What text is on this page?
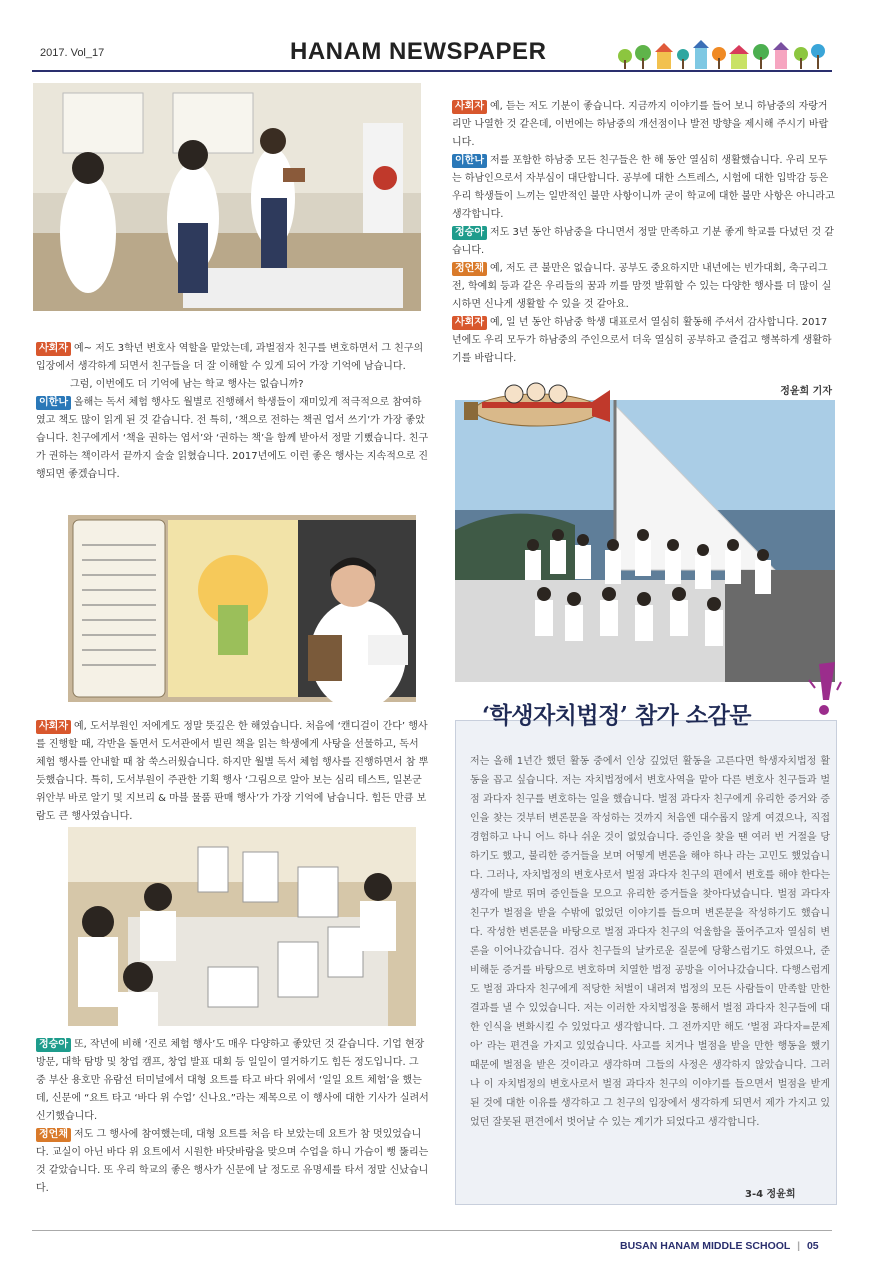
2017. Vol_17	HANAM NEWSPAPER
사회자 예~ 저도 3학년 변호사 역할을 맡았는데, 과벌점자 친구를 변호하면서 그 친구의 입장에서 생각하게 되면서 친구들을 더 잘 이해할 수 있게 되어 가장 기억에 남습니다.
그럼, 이번에도 더 기억에 남는 학교 행사는 없습니까?
이한나 올해는 독서 체험 행사도 월별로 진행해서 학생들이 재미있게 적극적으로 참여하였고 책도 많이 읽게 된 것 같습니다. 전 특히, ‘책으로 전하는 책권 업서 쓰기’가 가장 좋았습니다. 친구에게서 ‘책을 권하는 엽서’와 ‘권하는 책’을 함께 받아서 정말 기뻤습니다. 친구가 권하는 책이라서 끝까지 술술 읽혔습니다. 2017년에도 이런 좋은 행사는 지속적으로 진행되면 좋겠습니다.
사회자 예, 도서부원인 저에게도 정말 뜻깊은 한 해였습니다. 처음에 ‘캔디걸이 간다’ 행사를 진행할 때, 각반을 돌면서 도서관에서 빌린 책을 읽는 학생에게 사탕을 선물하고, 독서 체험 행사를 안내할 때 참 쑥스러웠습니다. 하지만 월별 독서 체험 행사를 진행하면서 참 뿌듯했습니다. 특히, 도서부원이 주관한 기획 행사 ‘그림으로 알아 보는 심리 테스트, 일본군 위안부 바로 알기 및 지브리 & 마블 물품 판매 행사’가 가장 기억에 남습니다. 힘든 만큼 보람도 큰 행사였습니다.
정승아 또, 작년에 비해 ‘진로 체험 행사’도 매우 다양하고 좋았던 것 같습니다. 기업 현장 방문, 대학 탐방 및 창업 캠프, 창업 발표 대회 등 일일이 열거하기도 힘든 정도입니다. 그 중 부산 용호만 유람선 터미널에서 대형 요트를 타고 바다 위에서 ‘일일 요트 체험’을 했는데, 신문에 “요트 타고 ‘바다 위 수업’ 신나요.”라는 제목으로 이 행사에 대한 기사가 실려서 신기했습니다.
정언채 저도 그 행사에 참여했는데, 대형 요트를 처음 타 보았는데 요트가 참 멋있었습니다. 교실이 아닌 바다 위 요트에서 시원한 바닷바람을 맞으며 수업을 하니 가슴이 뻥 뚫리는 것 같았습니다. 또 우리 학교의 좋은 행사가 신문에 날 정도로 유명세를 타서 정말 신났습니다.
사회자 예, 듣는 저도 기분이 좋습니다. 지금까지 이야기를 들어 보니 하남중의 자랑거리만 나열한 것 같은데, 이번에는 하남중의 개선점이나 발전 방향을 제시해 주시기 바랍니다.
이한나 저를 포함한 하남중 모든 친구들은 한 해 동안 열심히 생활했습니다. 우리 모두는 하남인으로서 자부심이 대단합니다. 공부에 대한 스트레스, 시험에 대한 입박감 등은 우리 학생들이 느끼는 일반적인 불만 사항이니까 굳이 학교에 대한 불만 사항은 아니라고 생각합니다.
정승아 저도 3년 동안 하남중을 다니면서 정말 만족하고 기분 좋게 학교를 다녔던 것 같습니다.
정언채 예, 저도 큰 불만은 없습니다. 공부도 중요하지만 내년에는 빈가대회, 축구리그전, 학예회 등과 같은 우리들의 꿈과 끼를 맘껏 발휘할 수 있는 다양한 행사를 더 많이 실시하면 신나게 생활할 수 있을 것 같아요.
사회자 예, 일 년 동안 하남중 학생 대표로서 열심히 활동해 주셔서 감사합니다. 2017년에도 우리 모두가 하남중의 주인으로서 더욱 열심히 공부하고 즐겁고 행복하게 생활하기를 바랍니다.
정윤희 기자
‘학생자치법정’ 참가 소감문
저는 올해 1년간 했던 활동 중에서 인상 깊었던 활동을 고른다면 학생자치법정 활동을 꼽고 싶습니다. 저는 자치법정에서 변호사역을 맡아 다른 변호사 친구들과 벌점 과다자 친구를 변호하는 일을 했습니다. 벌점 과다자 친구에게 유리한 증거와 증인을 찾는 것부터 변론문을 작성하는 것까지 처음엔 대수롭지 않게 여겼으나, 직접 경험하고 나니 어느 하나 쉬운 것이 없었습니다. 증인을 찾을 땐 여러 번 거절을 당하기도 했고, 불리한 증거들을 보며 어떻게 변론을 해야 하나 라는 고민도 했었습니다. 그러나, 자치법정의 변호사로서 벌점 과다자 친구의 편에서 변호를 해야 한다는 생각에 발로 뛰며 증인들을 모으고 유리한 증거들을 찾아다녔습니다. 벌점 과다자 친구가 벌점을 받을 수밖에 없었던 이야기를 들으며 변론문을 작성하기도 했습니다. 작성한 변론문을 바탕으로 벌점 과다자 친구의 억울함을 풀어주고자 열심히 변론을 이어나갔습니다. 검사 친구들의 날카로운 질문에 당황스럽기도 하였으나, 준비해둔 증거를 바탕으로 변호하며 치열한 법정 공방을 이어나갔습니다. 다행스럽게도 벌점 과다자 친구에게 적당한 처벌이 내려져 법정의 모든 사람들이 만족할 만한 결과를 낼 수 있었습니다. 저는 이러한 자치법정을 통해서 벌점 과다자 친구들에 대한 인식을 변화시킬 수 있었다고 생각합니다. 그 전까지만 해도 ‘벌점 과다자=문제아’ 라는 편견을 가지고 있었습니다. 사고를 치거나 벌점을 받을 만한 행동을 했기 때문에 벌점을 받은 것이라고 생각하며 그들의 사정은 생각하지 않았습니다. 그러나 이 자치법정의 변호사로서 벌점 과다자 친구의 이야기를 들으면서 벌점을 받게 된 것에 대한 이유를 생각하고 그 친구의 입장에서 생각하게 되면서 제가 가지고 있었던 잘못된 편견에서 벗어날 수 있는 계기가 되었다고 생각합니다.
3-4 정윤희
BUSAN HANAM MIDDLE SCHOOL | 05
